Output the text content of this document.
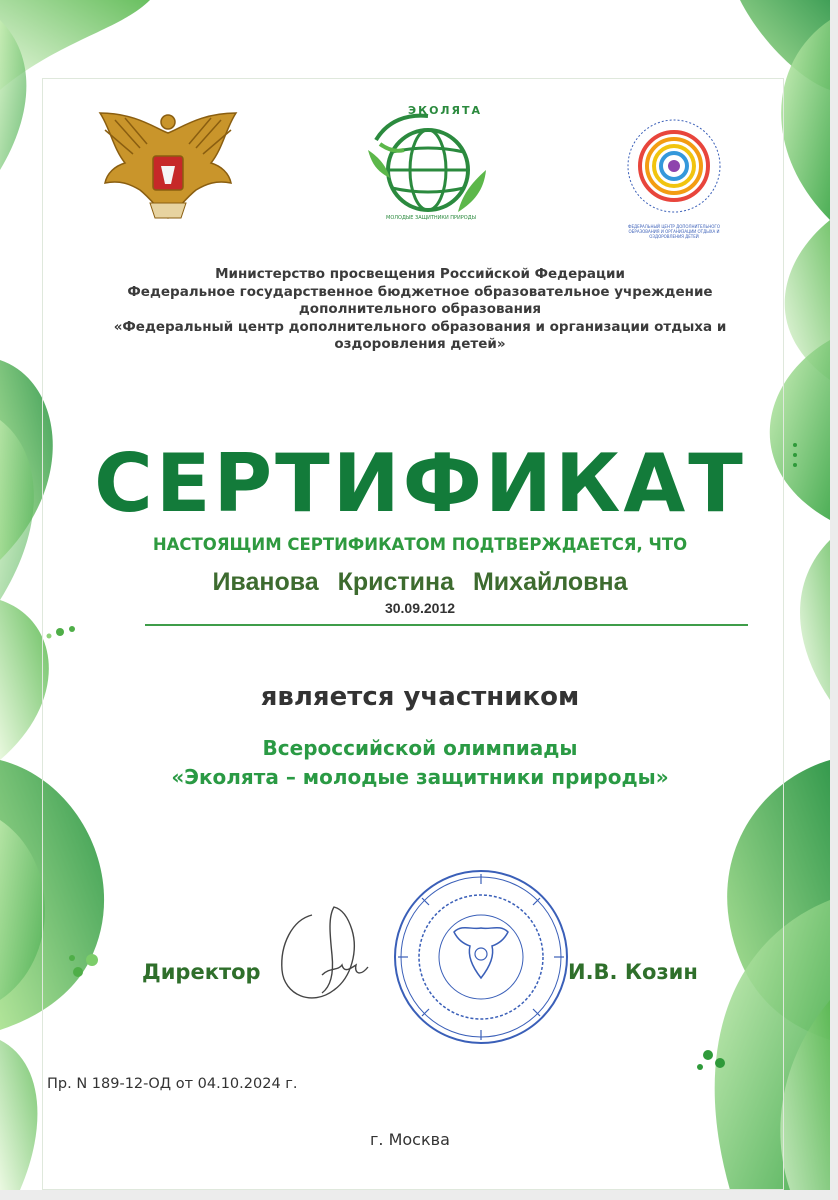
ЭКОЛЯТА
МОЛОДЫЕ ЗАЩИТНИКИ ПРИРОДЫ
ФЕДЕРАЛЬНЫЙ ЦЕНТР ДОПОЛНИТЕЛЬНОГО ОБРАЗОВАНИЯ И ОРГАНИЗАЦИИ ОТДЫХА И ОЗДОРОВЛЕНИЯ ДЕТЕЙ
Министерство просвещения Российской Федерации
Федеральное государственное бюджетное образовательное учреждение
дополнительного образования
«Федеральный центр дополнительного образования и организации отдыха и
оздоровления детей»
СЕРТИФИКАТ
НАСТОЯЩИМ СЕРТИФИКАТОМ ПОДТВЕРЖДАЕТСЯ, ЧТО
Иванова Кристина Михайловна
30.09.2012
является участником
Всероссийской олимпиады
«Эколята – молодые защитники природы»
Директор	И.В. Козин
Пр. N 189-12-ОД от 04.10.2024 г.
г. Москва
